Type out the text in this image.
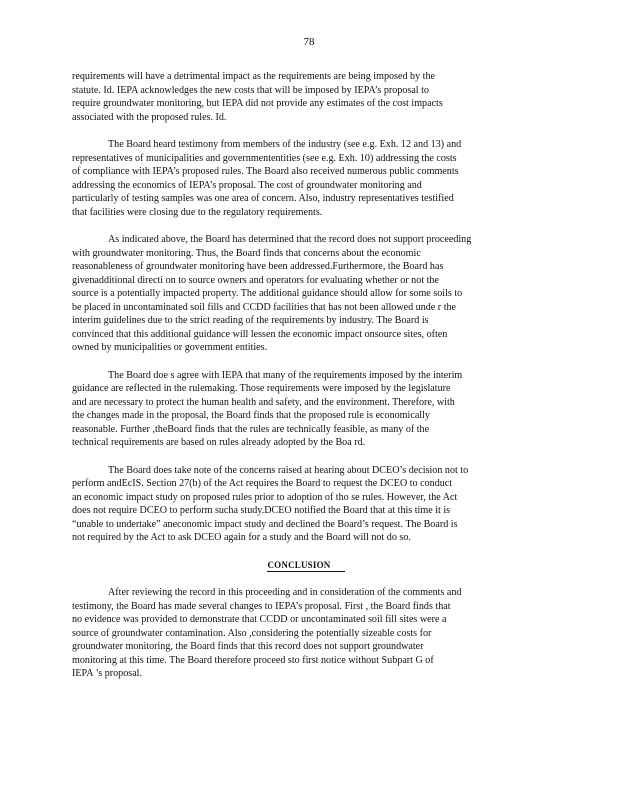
78
requirements will have a detrimental impact as the requirements are being imposed by the
statute. Id. IEPA acknowledges the new costs that will be imposed by IEPA’s proposal to
require groundwater monitoring, but IEPA did not provide any estimates of the cost impacts
associated with the proposed rules. Id.
The Board heard testimony from members of the industry (see e.g. Exh. 12 and 13) and
representatives of municipalities and governmententities (see e.g. Exh. 10) addressing the costs
of compliance with IEPA’s proposed rules. The Board also received numerous public comments
addressing the economics of IEPA’s proposal. The cost of groundwater monitoring and
particularly of testing samples was one area of concern. Also, industry representatives testified
that facilities were closing due to the regulatory requirements.
As indicated above, the Board has determined that the record does not support proceeding
with groundwater monitoring. Thus, the Board finds that concerns about the economic
reasonableness of groundwater monitoring have been addressed.Furthermore, the Board has
givenadditional directi on to source owners and operators for evaluating whether or not the
source is a potentially impacted property. The additional guidance should allow for some soils to
be placed in uncontaminated soil fills and CCDD facilities that has not been allowed unde r the
interim guidelines due to the strict reading of the requirements by industry. The Board is
convinced that this additional guidance will lessen the economic impact onsource sites, often
owned by municipalities or government entities.
The Board doe s agree with IEPA that many of the requirements imposed by the interim
guidance are reflected in the rulemaking. Those requirements were imposed by the legislature
and are necessary to protect the human health and safety, and the environment. Therefore, with
the changes made in the proposal, the Board finds that the proposed rule is economically
reasonable. Further ,theBoard finds that the rules are technically feasible, as many of the
technical requirements are based on rules already adopted by the Boa rd.
The Board does take note of the concerns raised at hearing about DCEO’s decision not to
perform andEcIS. Section 27(b) of the Act requires the Board to request the DCEO to conduct
an economic impact study on proposed rules prior to adoption of tho se rules. However, the Act
does not require DCEO to perform sucha study.DCEO notified the Board that at this time it is
“unable to undertake” aneconomic impact study and declined the Board’s request. The Board is
not required by the Act to ask DCEO again for a study and the Board will not do so.

CONCLUSION

After reviewing the record in this proceeding and in consideration of the comments and
testimony, the Board has made several changes to IEPA’s proposal. First , the Board finds that
no evidence was provided to demonstrate that CCDD or uncontaminated soil fill sites were a
source of groundwater contamination. Also ,considering the potentially sizeable costs for
groundwater monitoring, the Board finds that this record does not support groundwater
monitoring at this time. The Board therefore proceed sto first notice without Subpart G of
IEPA ’s proposal.
